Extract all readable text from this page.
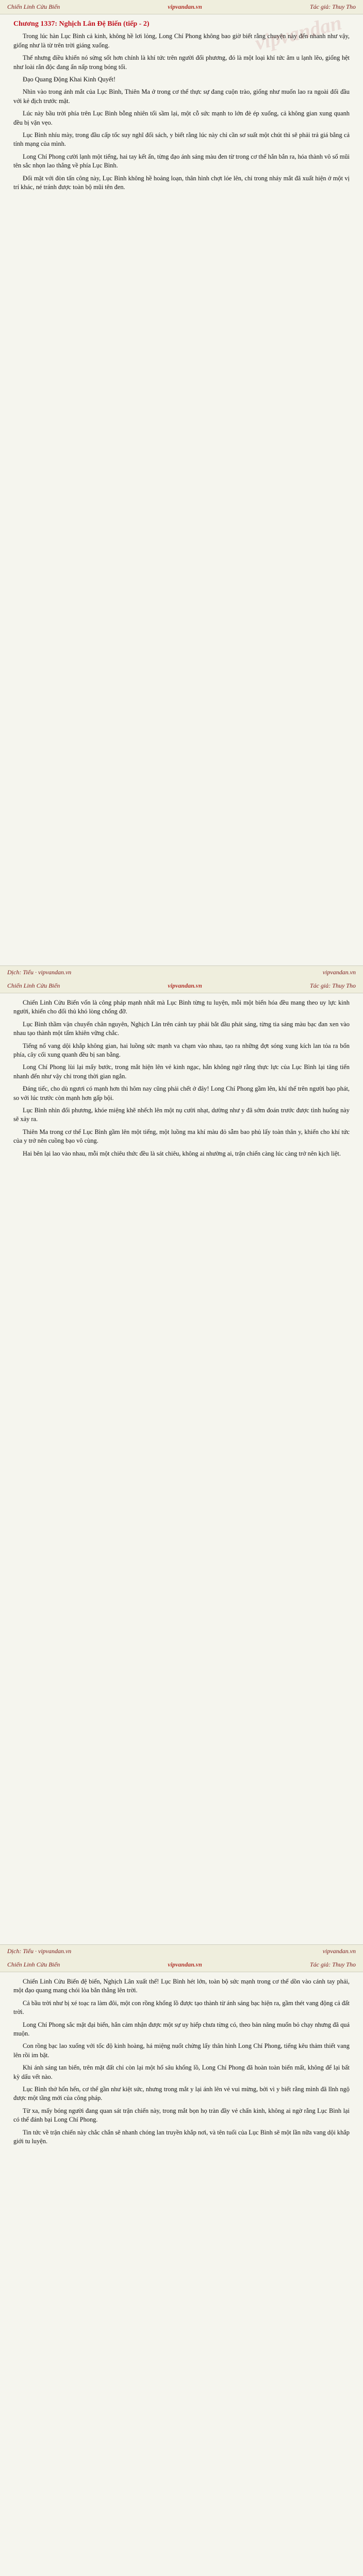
Chiến Linh Cửu Biến	vipvandan.vn	Tác giả: Thuy Tho
vipvandan

Chương 1337: Nghịch Lân Đệ Biến (tiếp - 2)

Trong lúc hàn Lục Bình cả kinh, không hề lơi lỏng, Long Chí Phong không bao giờ biết rằng chuyện này đến nhanh như vậy, giống như là từ trên trời giáng xuống.

Thế nhưng điều khiến nó sửng sốt hơn chính là khí tức trên người đối phương, đó là một loại khí tức âm u lạnh lẽo, giống hệt như loài rắn độc đang ẩn nấp trong bóng tối.

Đạo Quang Động Khai Kinh Quyết!

Nhìn vào trong ánh mắt của Lục Bình, Thiên Ma ở trong cơ thể thực sự đang cuộn trào, giống như muốn lao ra ngoài đối đầu với kẻ địch trước mặt.

Lúc này bầu trời phía trên Lục Bình bỗng nhiên tối sầm lại, một cỗ sức mạnh to lớn đè ép xuống, cả không gian xung quanh đều bị vặn vẹo.

Lục Bình nhíu mày, trong đầu cấp tốc suy nghĩ đối sách, y biết rằng lúc này chỉ cần sơ suất một chút thì sẽ phải trả giá bằng cả tính mạng của mình.

Long Chí Phong cười lạnh một tiếng, hai tay kết ấn, từng đạo ánh sáng màu đen từ trong cơ thể hắn bắn ra, hóa thành vô số mũi tên sắc nhọn lao thẳng về phía Lục Bình.

Đối mặt với đòn tấn công này, Lục Bình không hề hoảng loạn, thân hình chợt lóe lên, chỉ trong nháy mắt đã xuất hiện ở một vị trí khác, né tránh được toàn bộ mũi tên đen.

Dịch: Tiểu · vipvandan.vn	vipvandan.vn
Chiến Linh Cửu Biến	vipvandan.vn	Tác giả: Thuy Tho

Chiến Linh Cửu Biến vốn là công pháp mạnh nhất mà Lục Bình từng tu luyện, mỗi một biến hóa đều mang theo uy lực kinh người, khiến cho đối thủ khó lòng chống đỡ.

Lục Bình thầm vận chuyển chân nguyên, Nghịch Lân trên cánh tay phải bắt đầu phát sáng, từng tia sáng màu bạc đan xen vào nhau tạo thành một tấm khiên vững chắc.

Tiếng nổ vang dội khắp không gian, hai luồng sức mạnh va chạm vào nhau, tạo ra những đợt sóng xung kích lan tỏa ra bốn phía, cây cối xung quanh đều bị san bằng.

Long Chí Phong lùi lại mấy bước, trong mắt hiện lên vẻ kinh ngạc, hắn không ngờ rằng thực lực của Lục Bình lại tăng tiến nhanh đến như vậy chỉ trong thời gian ngắn.

Đáng tiếc, cho dù ngươi có mạnh hơn thì hôm nay cũng phải chết ở đây! Long Chí Phong gầm lên, khí thế trên người bạo phát, so với lúc trước còn mạnh hơn gấp bội.

Lục Bình nhìn đối phương, khóe miệng khẽ nhếch lên một nụ cười nhạt, dường như y đã sớm đoán trước được tình huống này sẽ xảy ra.

Thiên Ma trong cơ thể Lục Bình gầm lên một tiếng, một luồng ma khí màu đỏ sẫm bao phủ lấy toàn thân y, khiến cho khí tức của y trở nên cuồng bạo vô cùng.

Hai bên lại lao vào nhau, mỗi một chiêu thức đều là sát chiêu, không ai nhường ai, trận chiến càng lúc càng trở nên kịch liệt.

Dịch: Tiểu · vipvandan.vn	vipvandan.vn
Chiến Linh Cửu Biến	vipvandan.vn	Tác giả: Thuy Tho

Chiến Linh Cửu Biến đệ biến, Nghịch Lân xuất thế! Lục Bình hét lớn, toàn bộ sức mạnh trong cơ thể dồn vào cánh tay phải, một đạo quang mang chói lòa bắn thẳng lên trời.

Cả bầu trời như bị xé toạc ra làm đôi, một con rồng khổng lồ được tạo thành từ ánh sáng bạc hiện ra, gầm thét vang động cả đất trời.

Long Chí Phong sắc mặt đại biến, hắn cảm nhận được một sự uy hiếp chưa từng có, theo bản năng muốn bỏ chạy nhưng đã quá muộn.

Con rồng bạc lao xuống với tốc độ kinh hoàng, há miệng nuốt chửng lấy thân hình Long Chí Phong, tiếng kêu thảm thiết vang lên rồi im bặt.

Khi ánh sáng tan biến, trên mặt đất chỉ còn lại một hố sâu khổng lồ, Long Chí Phong đã hoàn toàn biến mất, không để lại bất kỳ dấu vết nào.

Lục Bình thở hổn hển, cơ thể gần như kiệt sức, nhưng trong mắt y lại ánh lên vẻ vui mừng, bởi vì y biết rằng mình đã lĩnh ngộ được một tầng mới của công pháp.

Từ xa, mấy bóng người đang quan sát trận chiến này, trong mắt bọn họ tràn đầy vẻ chấn kinh, không ai ngờ rằng Lục Bình lại có thể đánh bại Long Chí Phong.

Tin tức về trận chiến này chắc chắn sẽ nhanh chóng lan truyền khắp nơi, và tên tuổi của Lục Bình sẽ một lần nữa vang dội khắp giới tu luyện.
